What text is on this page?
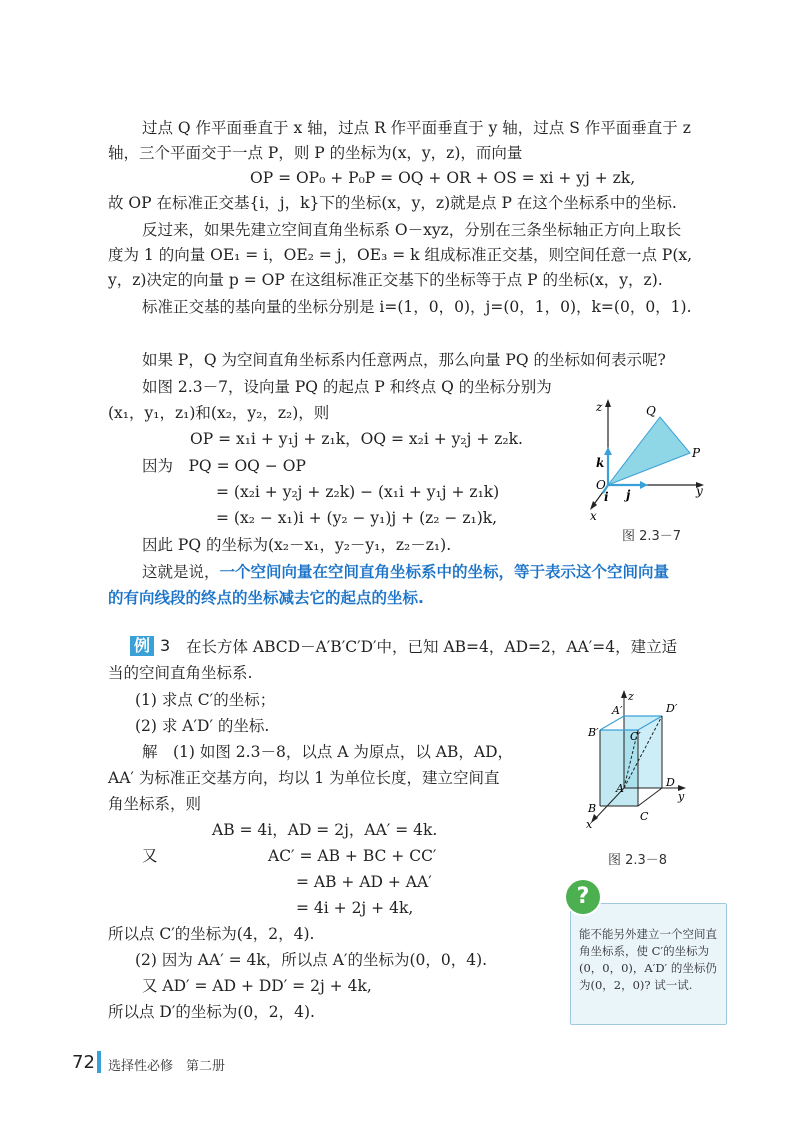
过点 Q 作平面垂直于 x 轴，过点 R 作平面垂直于 y 轴，过点 S 作平面垂直于 z
轴，三个平面交于一点 P，则 P 的坐标为(x，y，z)，而向量
OP = OP₀ + P₀P = OQ + OR + OS = xi + yj + zk,
故 OP 在标准正交基{i，j，k}下的坐标(x，y，z)就是点 P 在这个坐标系中的坐标.
反过来，如果先建立空间直角坐标系 O－xyz，分别在三条坐标轴正方向上取长
度为 1 的向量 OE₁ = i，OE₂ = j，OE₃ = k 组成标准正交基，则空间任意一点 P(x,
y，z)决定的向量 p = OP 在这组标准正交基下的坐标等于点 P 的坐标(x，y，z).
标准正交基的基向量的坐标分别是 i=(1，0，0)，j=(0，1，0)，k=(0，0，1).
如果 P，Q 为空间直角坐标系内任意两点，那么向量 PQ 的坐标如何表示呢?
如图 2.3－7，设向量 PQ 的起点 P 和终点 Q 的坐标分别为
(x₁，y₁，z₁)和(x₂，y₂，z₂)，则
OP = x₁i + y₁j + z₁k，OQ = x₂i + y₂j + z₂k.
因为　PQ = OQ − OP
= (x₂i + y₂j + z₂k) − (x₁i + y₁j + z₁k)
= (x₂ − x₁)i + (y₂ − y₁)j + (z₂ − z₁)k,
因此 PQ 的坐标为(x₂－x₁，y₂－y₁，z₂－z₁).
这就是说，一个空间向量在空间直角坐标系中的坐标，等于表示这个空间向量
的有向线段的终点的坐标减去它的起点的坐标.
z	Q
P
k
O
i j	y
x
图 2.3－7
例 3 在长方体 ABCD－A′B′C′D′中，已知 AB=4，AD=2，AA′=4，建立适
当的空间直角坐标系.
(1) 求点 C′的坐标；
(2) 求 A′D′ 的坐标.
解　(1) 如图 2.3－8，以点 A 为原点，以 AB，AD，
AA′ 为标准正交基方向，均以 1 为单位长度，建立空间直
角坐标系，则
AB = 4i，AD = 2j，AA′ = 4k.
又	AC′ = AB + BC + CC′
= AB + AD + AA′
= 4i + 2j + 4k,
所以点 C′的坐标为(4，2，4).
(2) 因为 AA′ = 4k，所以点 A′的坐标为(0，0，4).
又 AD′ = AD + DD′ = 2j + 4k,
所以点 D′的坐标为(0，2，4).
z
A′	D′
B′	C′
A	D
y
B
C
x
图 2.3－8
能不能另外建立一个空间直角坐标系，使 C′的坐标为(0，0，0)，A′D′ 的坐标仍为(0，2，0)? 试一试.
?
72 选择性必修　第二册
